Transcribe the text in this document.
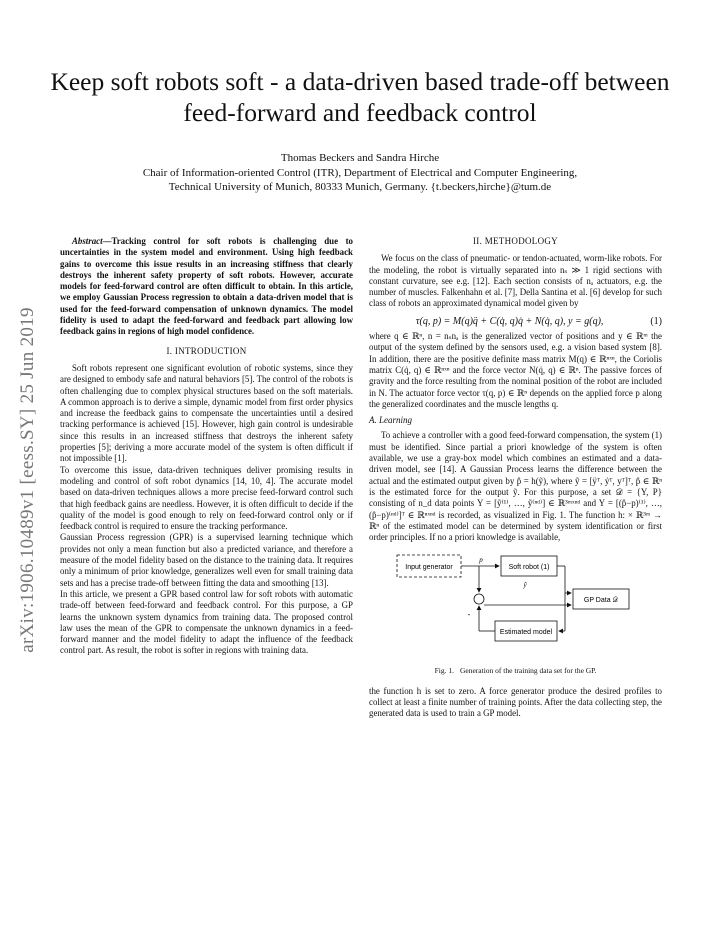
arXiv:1906.10489v1 [eess.SY] 25 Jun 2019
Keep soft robots soft - a data-driven based trade-off between feed-forward and feedback control
Thomas Beckers and Sandra Hirche
Chair of Information-oriented Control (ITR), Department of Electrical and Computer Engineering,
Technical University of Munich, 80333 Munich, Germany. {t.beckers,hirche}@tum.de

Abstract—Tracking control for soft robots is challenging due to uncertainties in the system model and environment. Using high feedback gains to overcome this issue results in an increasing stiffness that clearly destroys the inherent safety property of soft robots. However, accurate models for feed-forward control are often difficult to obtain. In this article, we employ Gaussian Process regression to obtain a data-driven model that is used for the feed-forward compensation of unknown dynamics. The model fidelity is used to adapt the feed-forward and feedback part allowing low feedback gains in regions of high model confidence.

I. INTRODUCTION

Soft robots represent one significant evolution of robotic systems, since they are designed to embody safe and natural behaviors [5]. The control of the robots is often challenging due to complex physical structures based on the soft materials. A common approach is to derive a simple, dynamic model from first order physics and increase the feedback gains to compensate the uncertainties until a desired tracking performance is achieved [15]. However, high gain control is undesirable since this results in an increased stiffness that destroys the inherent safety properties [5]; deriving a more accurate model of the system is often difficult if not impossible [1].

To overcome this issue, data-driven techniques deliver promising results in modeling and control of soft robot dynamics [14, 10, 4]. The accurate model based on data-driven techniques allows a more precise feed-forward control such that high feedback gains are needless. However, it is often difficult to decide if the quality of the model is good enough to rely on feed-forward control only or if feedback control is required to ensure the tracking performance.

Gaussian Process regression (GPR) is a supervised learning technique which provides not only a mean function but also a predicted variance, and therefore a measure of the model fidelity based on the distance to the training data. It requires only a minimum of prior knowledge, generalizes well even for small training data sets and has a precise trade-off between fitting the data and smoothing [13].

In this article, we present a GPR based control law for soft robots with automatic trade-off between feed-forward and feedback control. For this purpose, a GP learns the unknown system dynamics from training data. The proposed control law uses the mean of the GPR to compensate the unknown dynamics in a feed-forward manner and the model fidelity to adapt the influence of the feedback control part. As result, the robot is softer in regions with training data.

II. METHODOLOGY

We focus on the class of pneumatic- or tendon-actuated, worm-like robots. For the modeling, the robot is virtually separated into nₛ ≫ 1 rigid sections with constant curvature, see e.g. [12]. Each section consists of nₐ actuators, e.g. the number of muscles. Falkenhahn et al. [7], Della Santina et al. [6] develop for such class of robots an approximated dynamical model given by

τ(q, p) = M(q)q̈ + C(q̇, q)q̇ + N(q̇, q), y = g(q),	(1)

where q ∈ ℝⁿ, n = nₛnₐ is the generalized vector of positions and y ∈ ℝᵐ the output of the system defined by the sensors used, e.g. a vision based system [8]. In addition, there are the positive definite mass matrix M(q) ∈ ℝⁿˣⁿ, the Coriolis matrix C(q̇, q) ∈ ℝⁿˣⁿ and the force vector N(q̇, q) ∈ ℝⁿ. The passive forces of gravity and the force resulting from the nominal position of the robot are included in N. The actuator force vector τ(q, p) ∈ ℝⁿ depends on the applied force p along the generalized coordinates and the muscle lengths q.

A. Learning

To achieve a controller with a good feed-forward compensation, the system (1) must be identified. Since partial a priori knowledge of the system is often available, we use a gray-box model which combines an estimated and a data-driven model, see [14]. A Gaussian Process learns the difference between the actual and the estimated output given by p̂ = h(ỹ), where ỹ = [ÿᵀ, ẏᵀ, yᵀ]ᵀ, p̂ ∈ ℝⁿ is the estimated force for the output ỹ. For this purpose, a set 𝒟 = {Y, P} consisting of n_d data points Y = [ỹ⁽¹⁾, …, ỹ⁽ⁿᵈ⁾] ∈ ℝ³ᵐˣⁿᵈ and Y = [(p̂−p)⁽¹⁾, …, (p̂−p)⁽ⁿᵈ⁾]ᵀ ∈ ℝⁿˣⁿᵈ is recorded, as visualized in Fig. 1. The function h: × ℝ³ᵐ → ℝⁿ of the estimated model can be determined by system identification or first order principles. If no a priori knowledge is available,

Input generator	Soft robot (1)
GP Data 𝒟
Estimated model
p
ỹ
-
Fig. 1. Generation of the training data set for the GP.

the function h is set to zero. A force generator produce the desired profiles to collect at least a finite number of training points. After the data collecting step, the generated data is used to train a GP model.
